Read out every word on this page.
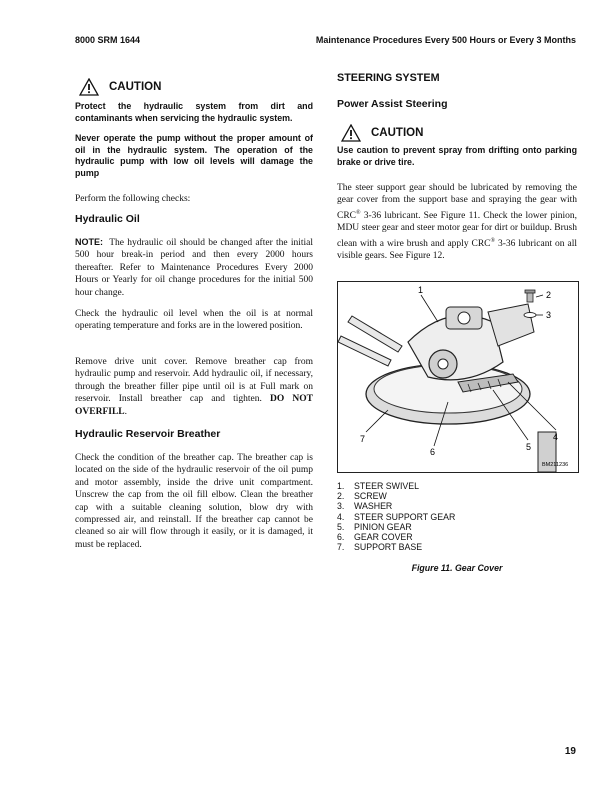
8000 SRM 1644	Maintenance Procedures Every 500 Hours or Every 3 Months
CAUTION

Protect the hydraulic system from dirt and contaminants when servicing the hydraulic system.

Never operate the pump without the proper amount of oil in the hydraulic system. The operation of the hydraulic pump with low oil levels will damage the pump

Perform the following checks:

Hydraulic Oil

NOTE: The hydraulic oil should be changed after the initial 500 hour break-in period and then every 2000 hours thereafter. Refer to Maintenance Procedures Every 2000 Hours or Yearly for oil change procedures for the initial 500 hour change.

Check the hydraulic oil level when the oil is at normal operating temperature and forks are in the lowered position.

Remove drive unit cover. Remove breather cap from hydraulic pump and reservoir. Add hydraulic oil, if necessary, through the breather filler pipe until oil is at Full mark on reservoir. Install breather cap and tighten. DO NOT OVERFILL.

Hydraulic Reservoir Breather

Check the condition of the breather cap. The breather cap is located on the side of the hydraulic reservoir of the oil pump and motor assembly, inside the drive unit compartment. Unscrew the cap from the oil fill elbow. Clean the breather cap with a suitable cleaning solution, blow dry with compressed air, and reinstall. If the breather cap cannot be cleaned so air will flow through it easily, or it is damaged, it must be replaced.

STEERING SYSTEM

Power Assist Steering

CAUTION

Use caution to prevent spray from drifting onto parking brake or drive tire.

The steer support gear should be lubricated by removing the gear cover from the support base and spraying the gear with CRC® 3-36 lubricant. See Figure 11. Check the lower pinion, MDU steer gear and steer motor gear for dirt or buildup. Brush clean with a wire brush and apply CRC® 3-36 lubricant on all visible gears. See Figure 12.

1	2
3
4
5
6
7
BM211236
1.	STEER SWIVEL
2.	SCREW
3.	WASHER
4.	STEER SUPPORT GEAR
5.	PINION GEAR
6.	GEAR COVER
7.	SUPPORT BASE
Figure 11. Gear Cover
19
